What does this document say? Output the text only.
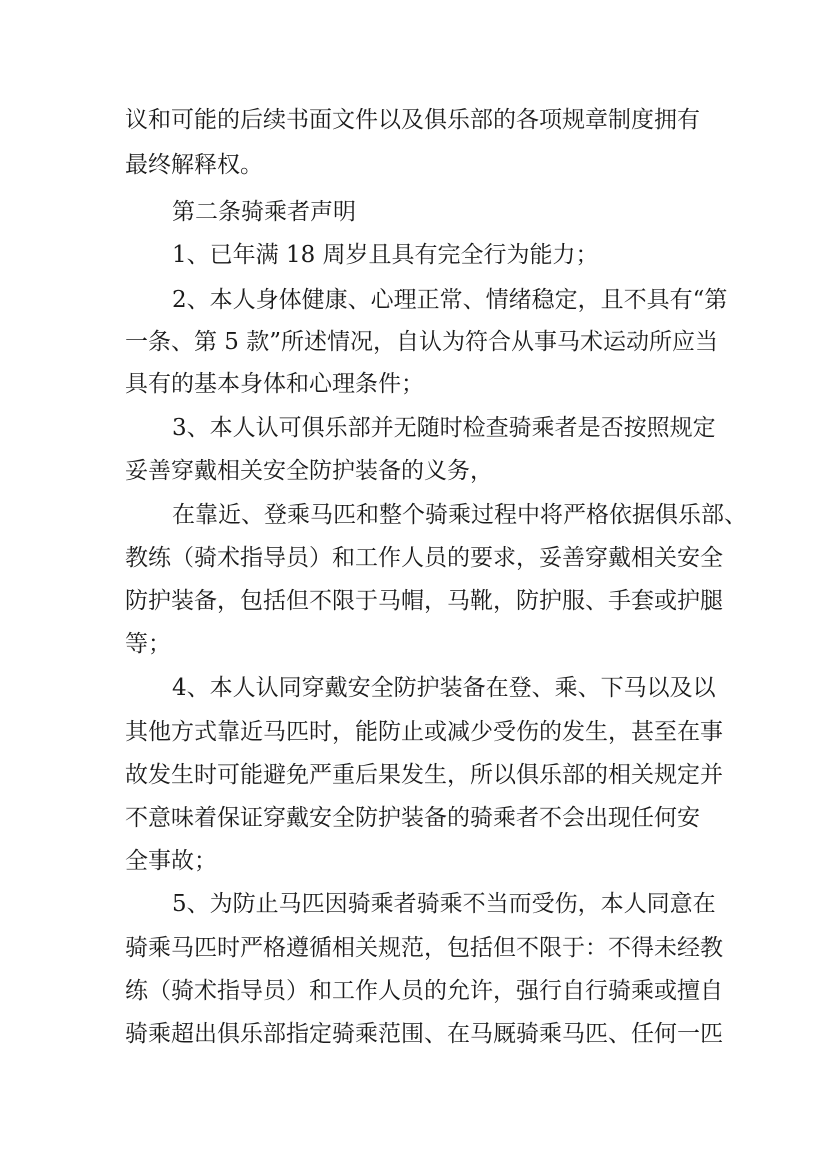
议和可能的后续书面文件以及俱乐部的各项规章制度拥有

最终解释权。

第二条骑乘者声明

1、已年满 18 周岁且具有完全行为能力；

2、本人身体健康、心理正常、情绪稳定，且不具有“第

一条、第 5 款”所述情况，自认为符合从事马术运动所应当

具有的基本身体和心理条件；

3、本人认可俱乐部并无随时检查骑乘者是否按照规定

妥善穿戴相关安全防护装备的义务，

在靠近、登乘马匹和整个骑乘过程中将严格依据俱乐部、

教练（骑术指导员）和工作人员的要求，妥善穿戴相关安全

防护装备，包括但不限于马帽，马靴，防护服、手套或护腿

等；

4、本人认同穿戴安全防护装备在登、乘、下马以及以

其他方式靠近马匹时，能防止或减少受伤的发生，甚至在事

故发生时可能避免严重后果发生，所以俱乐部的相关规定并

不意味着保证穿戴安全防护装备的骑乘者不会出现任何安

全事故；

5、为防止马匹因骑乘者骑乘不当而受伤，本人同意在

骑乘马匹时严格遵循相关规范，包括但不限于：不得未经教

练（骑术指导员）和工作人员的允许，强行自行骑乘或擅自

骑乘超出俱乐部指定骑乘范围、在马厩骑乘马匹、任何一匹
